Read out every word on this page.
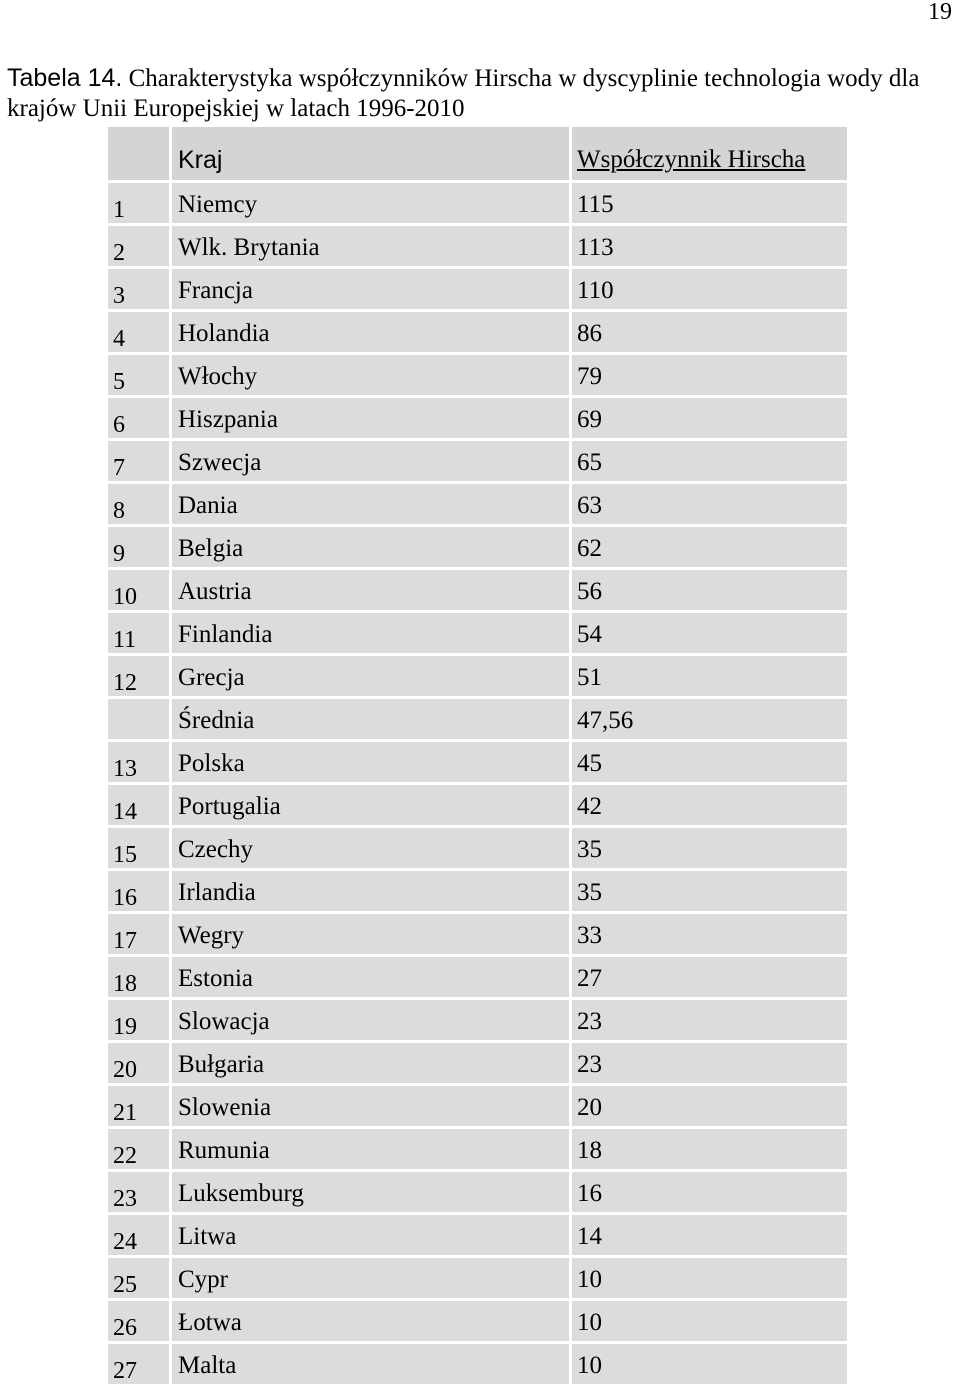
19
Tabela 14. Charakterystyka współczynników Hirscha w dyscyplinie technologia wody dla krajów Unii Europejskiej w latach 1996-2010

	Kraj	Współczynnik Hirscha

1	Niemcy	115

2	Wlk. Brytania	113

3	Francja	110

4	Holandia	86

5	Włochy	79

6	Hiszpania	69

7	Szwecja	65

8	Dania	63

9	Belgia	62

10	Austria	56

11	Finlandia	54

12	Grecja	51

	Średnia	47,56

13	Polska	45

14	Portugalia	42

15	Czechy	35

16	Irlandia	35

17	Wegry	33

18	Estonia	27

19	Slowacja	23

20	Bułgaria	23

21	Slowenia	20

22	Rumunia	18

23	Luksemburg	16

24	Litwa	14

25	Cypr	10

26	Łotwa	10

27	Malta	10
